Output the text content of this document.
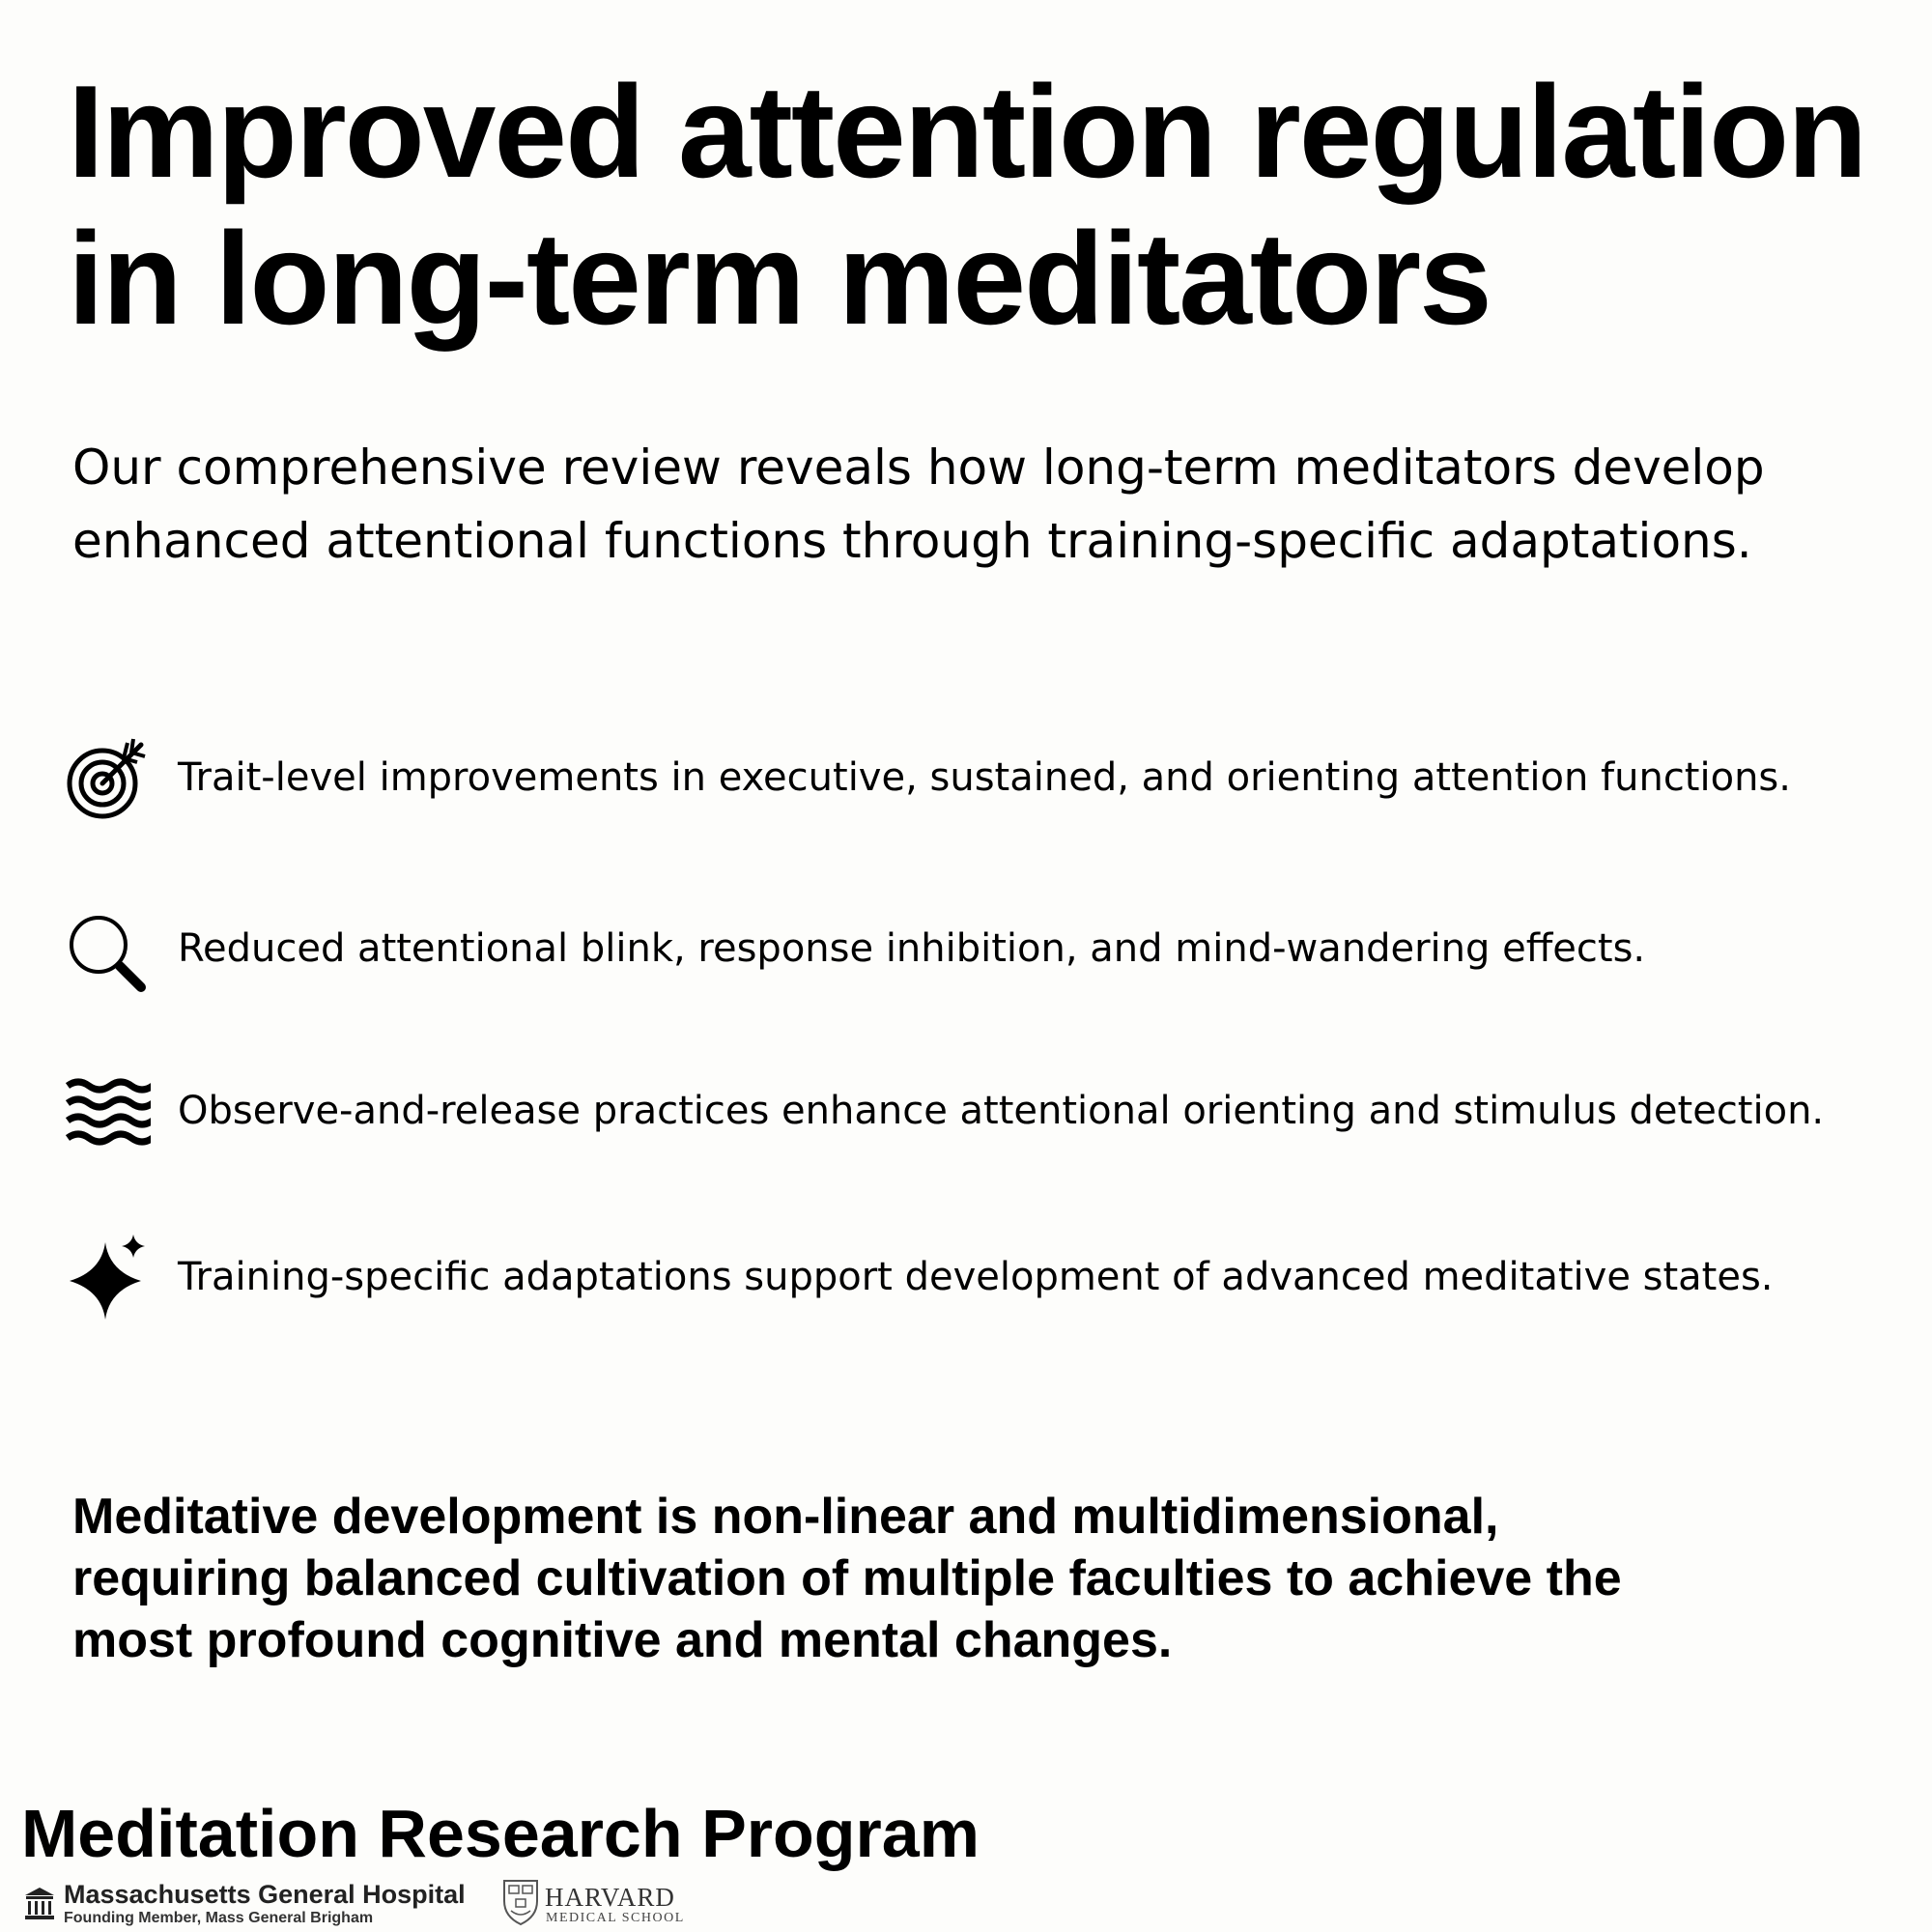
Improved attention regulation
in long-term meditators

Our comprehensive review reveals how long-term meditators develop
enhanced attentional functions through training-specific adaptations.

Trait-level improvements in executive, sustained, and orienting attention functions.
Reduced attentional blink, response inhibition, and mind-wandering effects.
Observe-and-release practices enhance attentional orienting and stimulus detection.
Training-specific adaptations support development of advanced meditative states.

Meditative development is non-linear and multidimensional,
requiring balanced cultivation of multiple faculties to achieve the
most profound cognitive and mental changes.

Meditation Research Program
Massachusetts General Hospital
Founding Member, Mass General Brigham
HARVARD
MEDICAL SCHOOL
